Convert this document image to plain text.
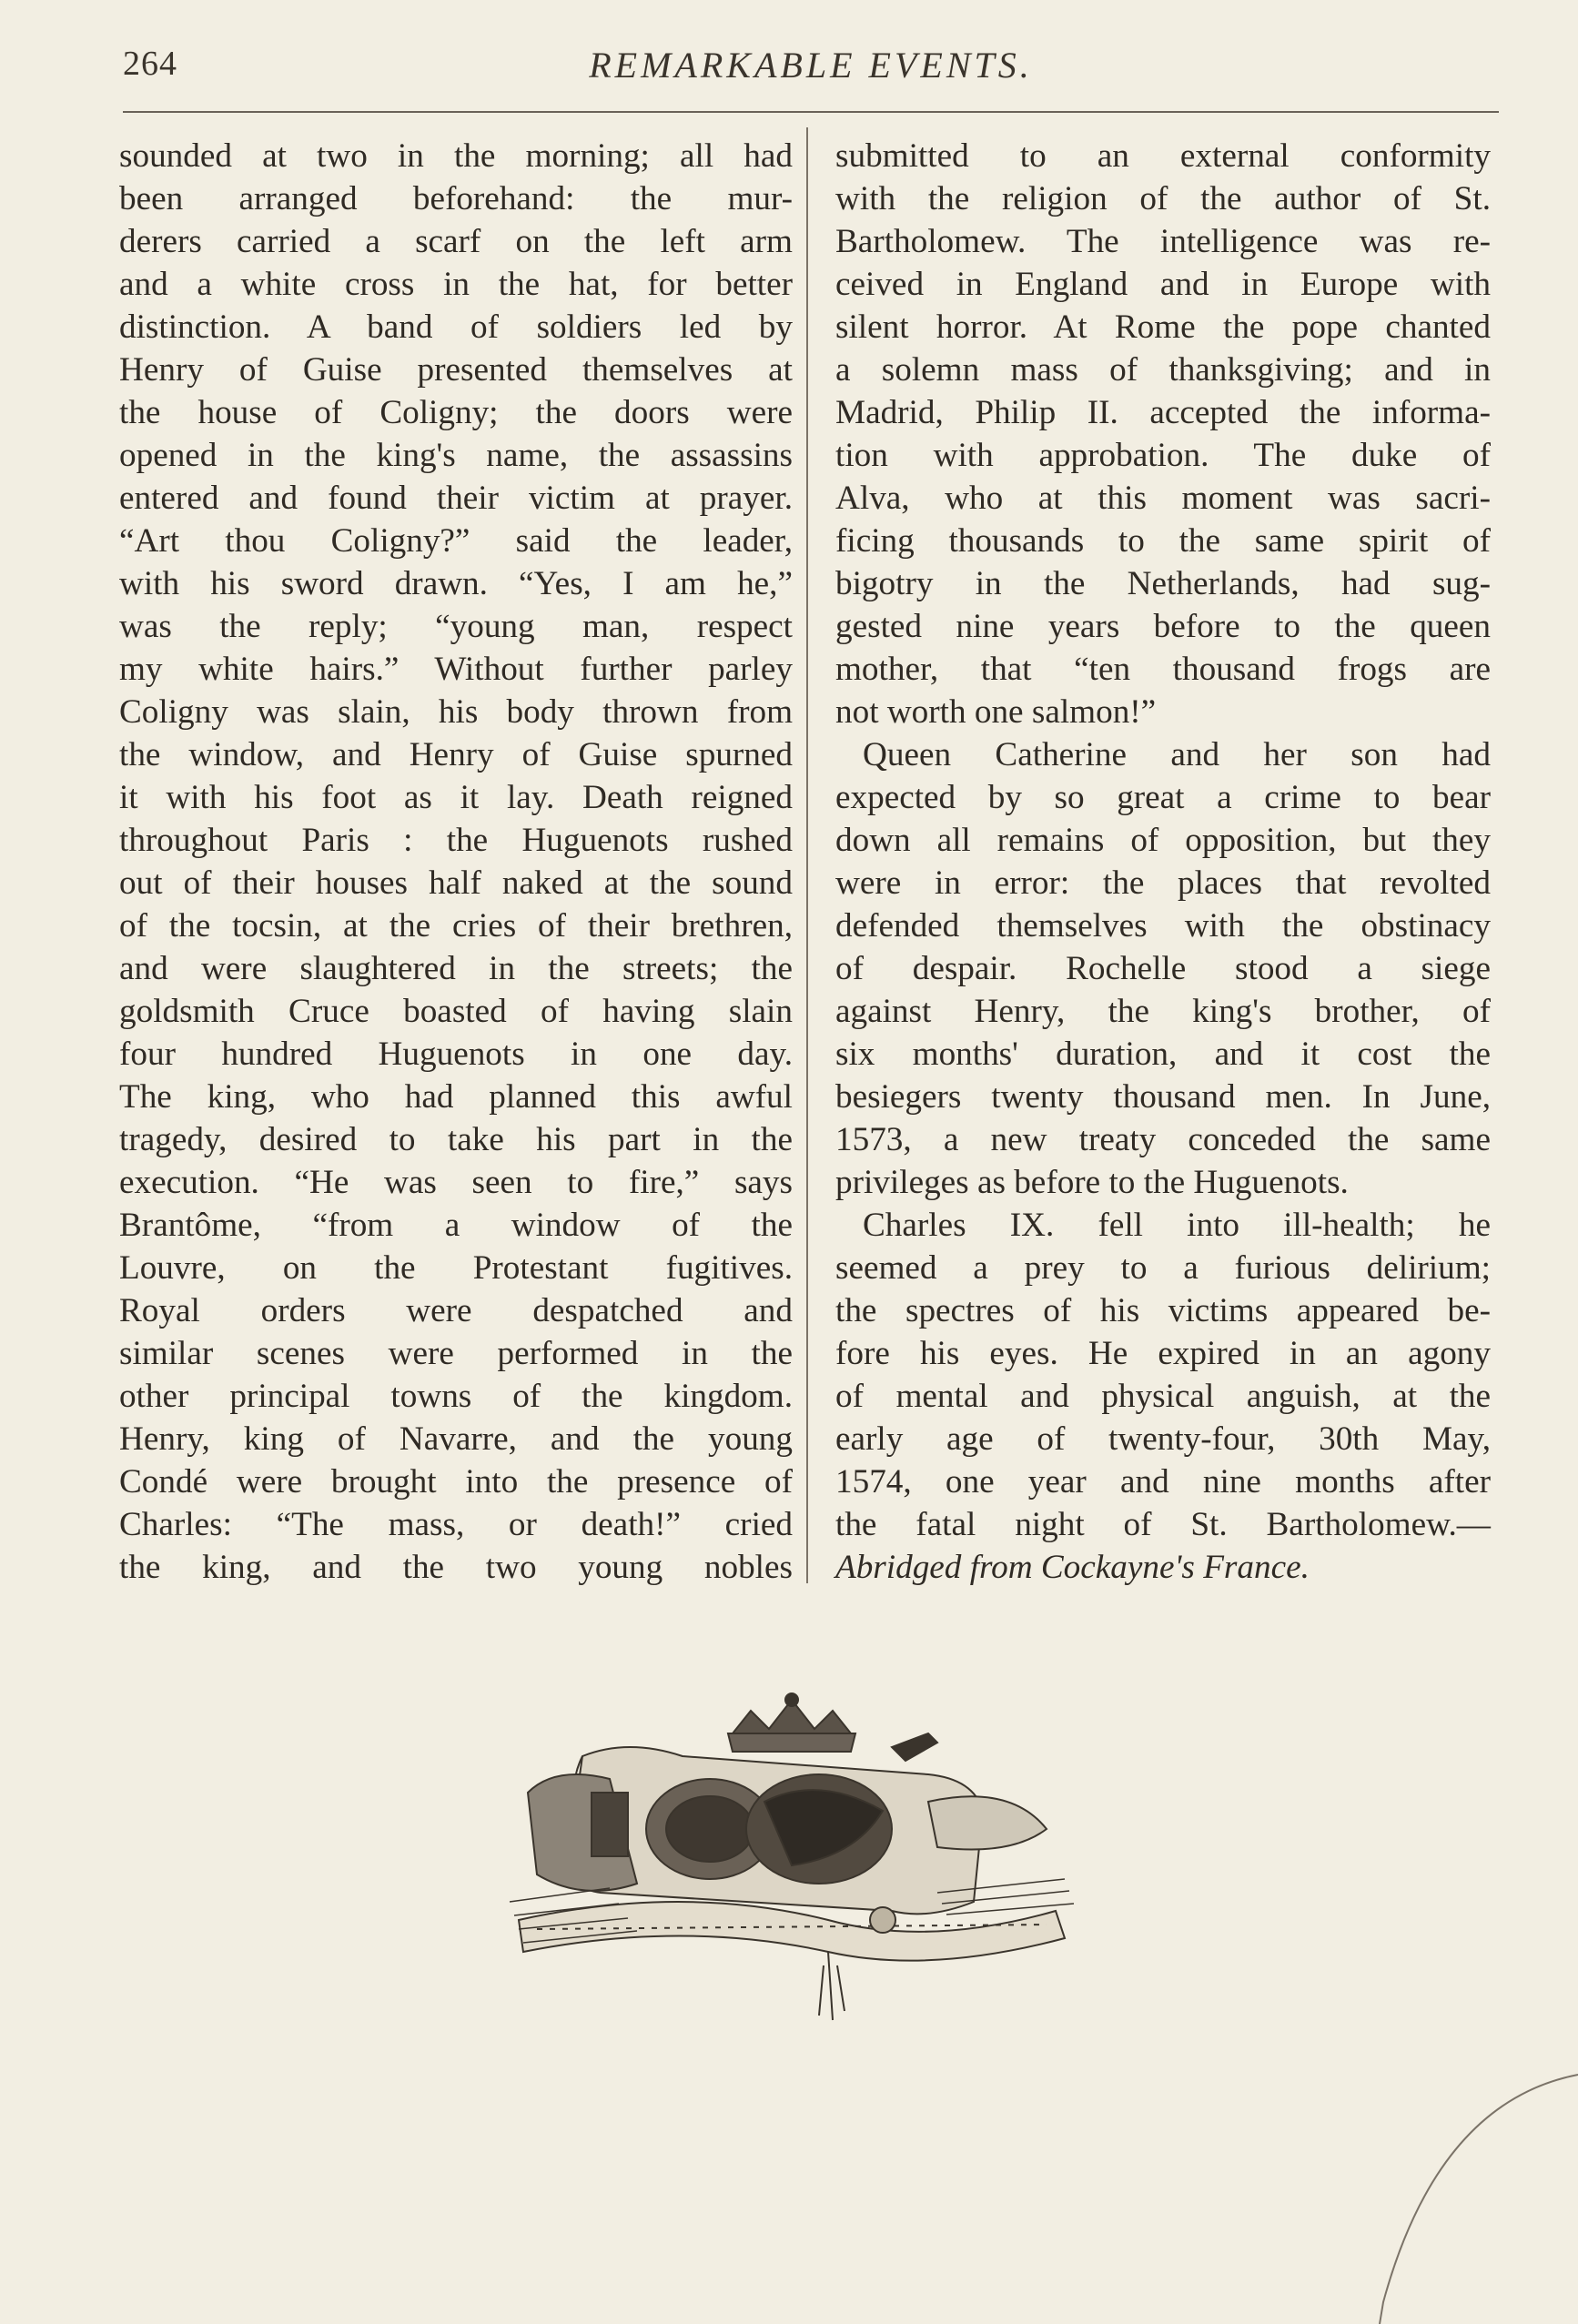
264	REMARKABLE EVENTS.
sounded at two in the morning; all had
been arranged beforehand: the mur-
derers carried a scarf on the left arm
and a white cross in the hat, for better
distinction. A band of soldiers led by
Henry of Guise presented themselves at
the house of Coligny; the doors were
opened in the king's name, the assassins
entered and found their victim at prayer.
“Art thou Coligny?” said the leader,
with his sword drawn. “Yes, I am he,”
was the reply; “young man, respect
my white hairs.” Without further parley
Coligny was slain, his body thrown from
the window, and Henry of Guise spurned
it with his foot as it lay. Death reigned
throughout Paris : the Huguenots rushed
out of their houses half naked at the sound
of the tocsin, at the cries of their brethren,
and were slaughtered in the streets; the
goldsmith Cruce boasted of having slain
four hundred Huguenots in one day.
The king, who had planned this awful
tragedy, desired to take his part in the
execution. “He was seen to fire,” says
Brantôme, “from a window of the
Louvre, on the Protestant fugitives.
Royal orders were despatched and
similar scenes were performed in the
other principal towns of the kingdom.
Henry, king of Navarre, and the young
Condé were brought into the presence of
Charles: “The mass, or death!” cried
the king, and the two young nobles
submitted to an external conformity
with the religion of the author of St.
Bartholomew. The intelligence was re-
ceived in England and in Europe with
silent horror. At Rome the pope chanted
a solemn mass of thanksgiving; and in
Madrid, Philip II. accepted the informa-
tion with approbation. The duke of
Alva, who at this moment was sacri-
ficing thousands to the same spirit of
bigotry in the Netherlands, had sug-
gested nine years before to the queen
mother, that “ten thousand frogs are
not worth one salmon!”
Queen Catherine and her son had
expected by so great a crime to bear
down all remains of opposition, but they
were in error: the places that revolted
defended themselves with the obstinacy
of despair. Rochelle stood a siege
against Henry, the king's brother, of
six months' duration, and it cost the
besiegers twenty thousand men. In June,
1573, a new treaty conceded the same
privileges as before to the Huguenots.
Charles IX. fell into ill-health; he
seemed a prey to a furious delirium;
the spectres of his victims appeared be-
fore his eyes. He expired in an agony
of mental and physical anguish, at the
early age of twenty-four, 30th May,
1574, one year and nine months after
the fatal night of St. Bartholomew.—
Abridged from Cockayne's France.
